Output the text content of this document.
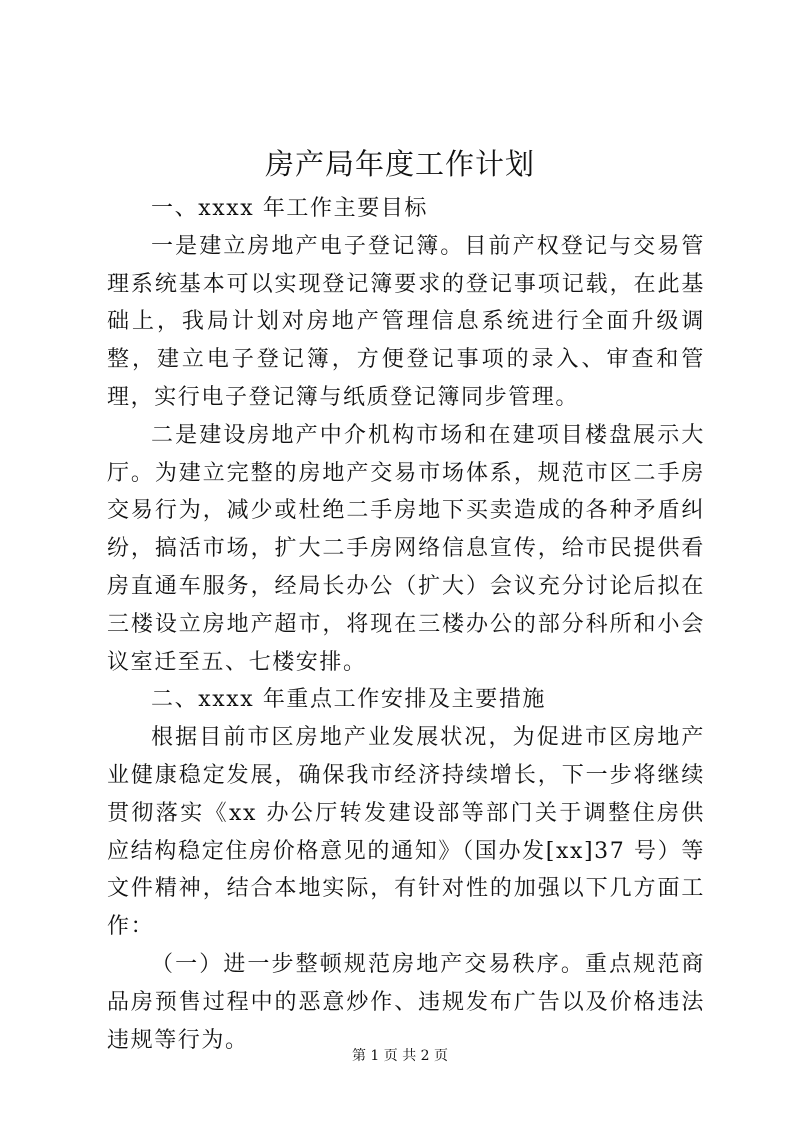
房产局年度工作计划

一、xxxx 年工作主要目标

一是建立房地产电子登记簿。目前产权登记与交易管理系统基本可以实现登记簿要求的登记事项记载，在此基础上，我局计划对房地产管理信息系统进行全面升级调整，建立电子登记簿，方便登记事项的录入、审查和管理，实行电子登记簿与纸质登记簿同步管理。

二是建设房地产中介机构市场和在建项目楼盘展示大厅。为建立完整的房地产交易市场体系，规范市区二手房交易行为，减少或杜绝二手房地下买卖造成的各种矛盾纠纷，搞活市场，扩大二手房网络信息宣传，给市民提供看房直通车服务，经局长办公（扩大）会议充分讨论后拟在三楼设立房地产超市，将现在三楼办公的部分科所和小会议室迁至五、七楼安排。

二、xxxx 年重点工作安排及主要措施

根据目前市区房地产业发展状况，为促进市区房地产业健康稳定发展，确保我市经济持续增长，下一步将继续贯彻落实《xx 办公厅转发建设部等部门关于调整住房供应结构稳定住房价格意见的通知》（国办发[xx]37 号）等文件精神，结合本地实际，有针对性的加强以下几方面工作：

（一）进一步整顿规范房地产交易秩序。重点规范商品房预售过程中的恶意炒作、违规发布广告以及价格违法违规等行为。

第 1 页 共 2 页
